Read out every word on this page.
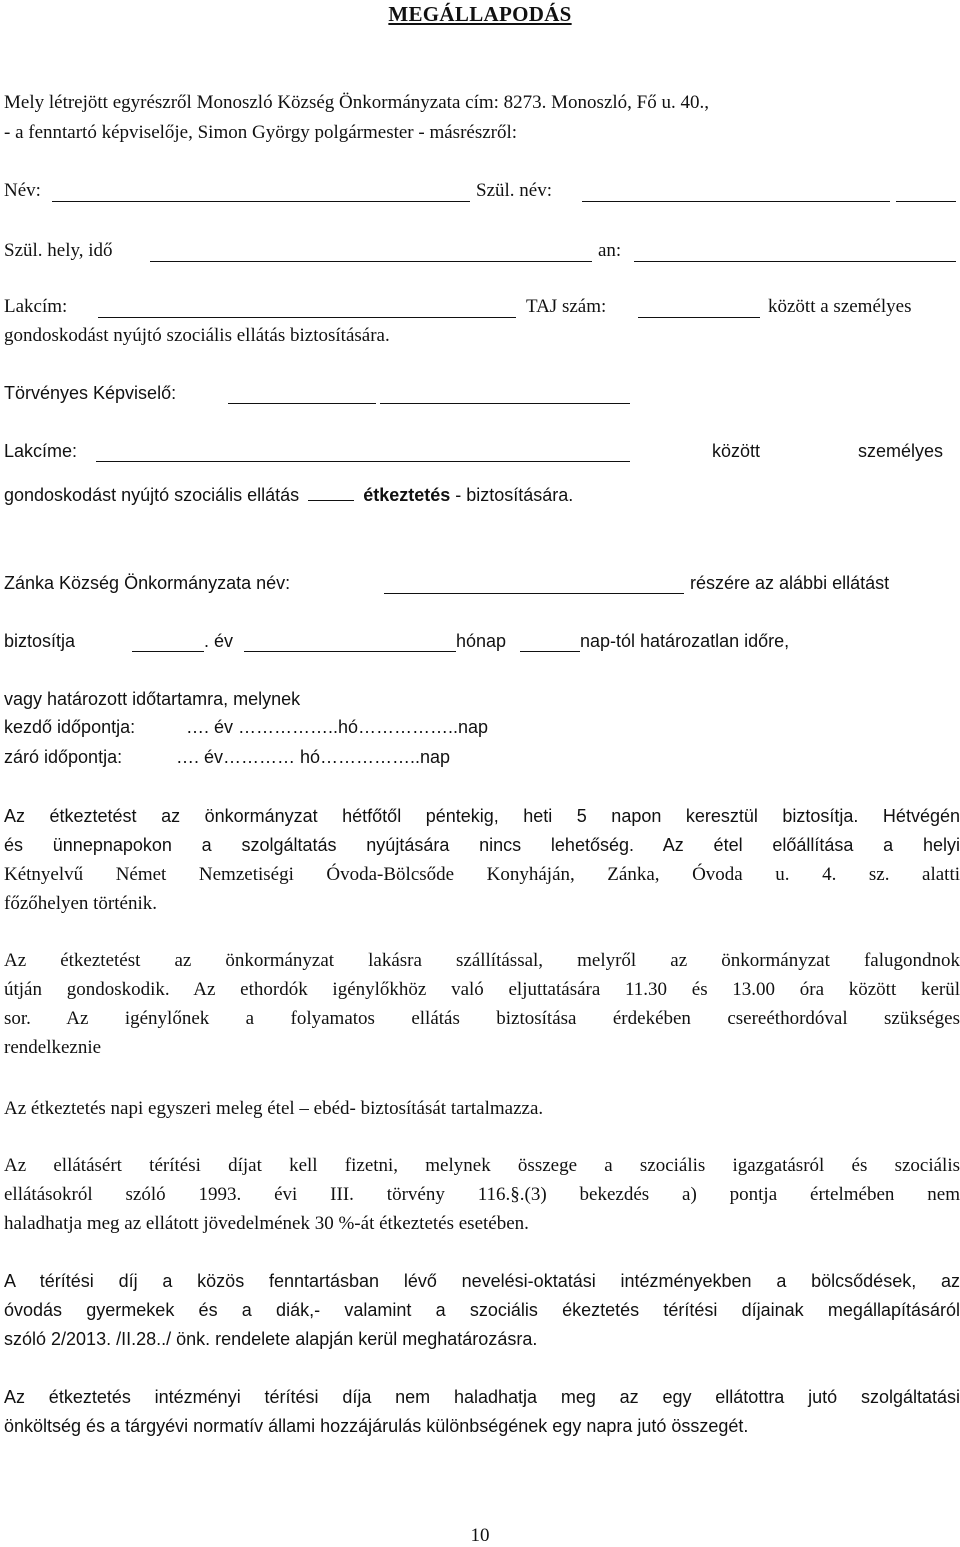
MEGÁLLAPODÁS
Mely létrejött egyrészről Monoszló Község Önkormányzata cím: 8273. Monoszló, Fő u. 40.,
- a fenntartó képviselője, Simon György polgármester - másrészről:
Név:	Szül. név:
Szül. hely, idő	an:
Lakcím:	TAJ szám:	között a személyes
gondoskodást nyújtó szociális ellátás biztosítására.
Törvényes Képviselő:
Lakcíme:	között	személyes
gondoskodást nyújtó szociális ellátás	étkeztetés - biztosítására.
Zánka Község Önkormányzata név:	részére az alábbi ellátást
biztosítja	. év	hónap	nap-tól határozatlan időre,
vagy határozott időtartamra, melynek
kezdő időpontja:	…. év ……………..hó……………..nap
záró időpontja:	…. év………… hó……………..nap
Az étkeztetést az önkormányzat hétfőtől péntekig, heti 5 napon keresztül biztosítja. Hétvégén
és ünnepnapokon a szolgáltatás nyújtására nincs lehetőség. Az étel előállítása a helyi
Kétnyelvű Német Nemzetiségi Óvoda-Bölcsőde Konyháján, Zánka, Óvoda u. 4. sz. alatti
főzőhelyen történik.
Az étkeztetést az önkormányzat lakásra szállítással, melyről az önkormányzat falugondnok
útján gondoskodik. Az ethordók igénylőkhöz való eljuttatására 11.30 és 13.00 óra között kerül
sor. Az igénylőnek a folyamatos ellátás biztosítása érdekében csereéthordóval szükséges
rendelkeznie
Az étkeztetés napi egyszeri meleg étel – ebéd- biztosítását tartalmazza.
Az ellátásért térítési díjat kell fizetni, melynek összege a szociális igazgatásról és szociális
ellátásokról szóló 1993. évi III. törvény 116.§.(3) bekezdés a) pontja értelmében nem
haladhatja meg az ellátott jövedelmének 30 %-át étkeztetés esetében.
A térítési díj a közös fenntartásban lévő nevelési-oktatási intézményekben a bölcsődések, az
óvodás gyermekek és a diák,- valamint a szociális ékeztetés térítési díjainak megállapításáról
szóló 2/2013. /II.28../ önk. rendelete alapján kerül meghatározásra.
Az étkeztetés intézményi térítési díja nem haladhatja meg az egy ellátottra jutó szolgáltatási
önköltség és a tárgyévi normatív állami hozzájárulás különbségének egy napra jutó összegét.
10
